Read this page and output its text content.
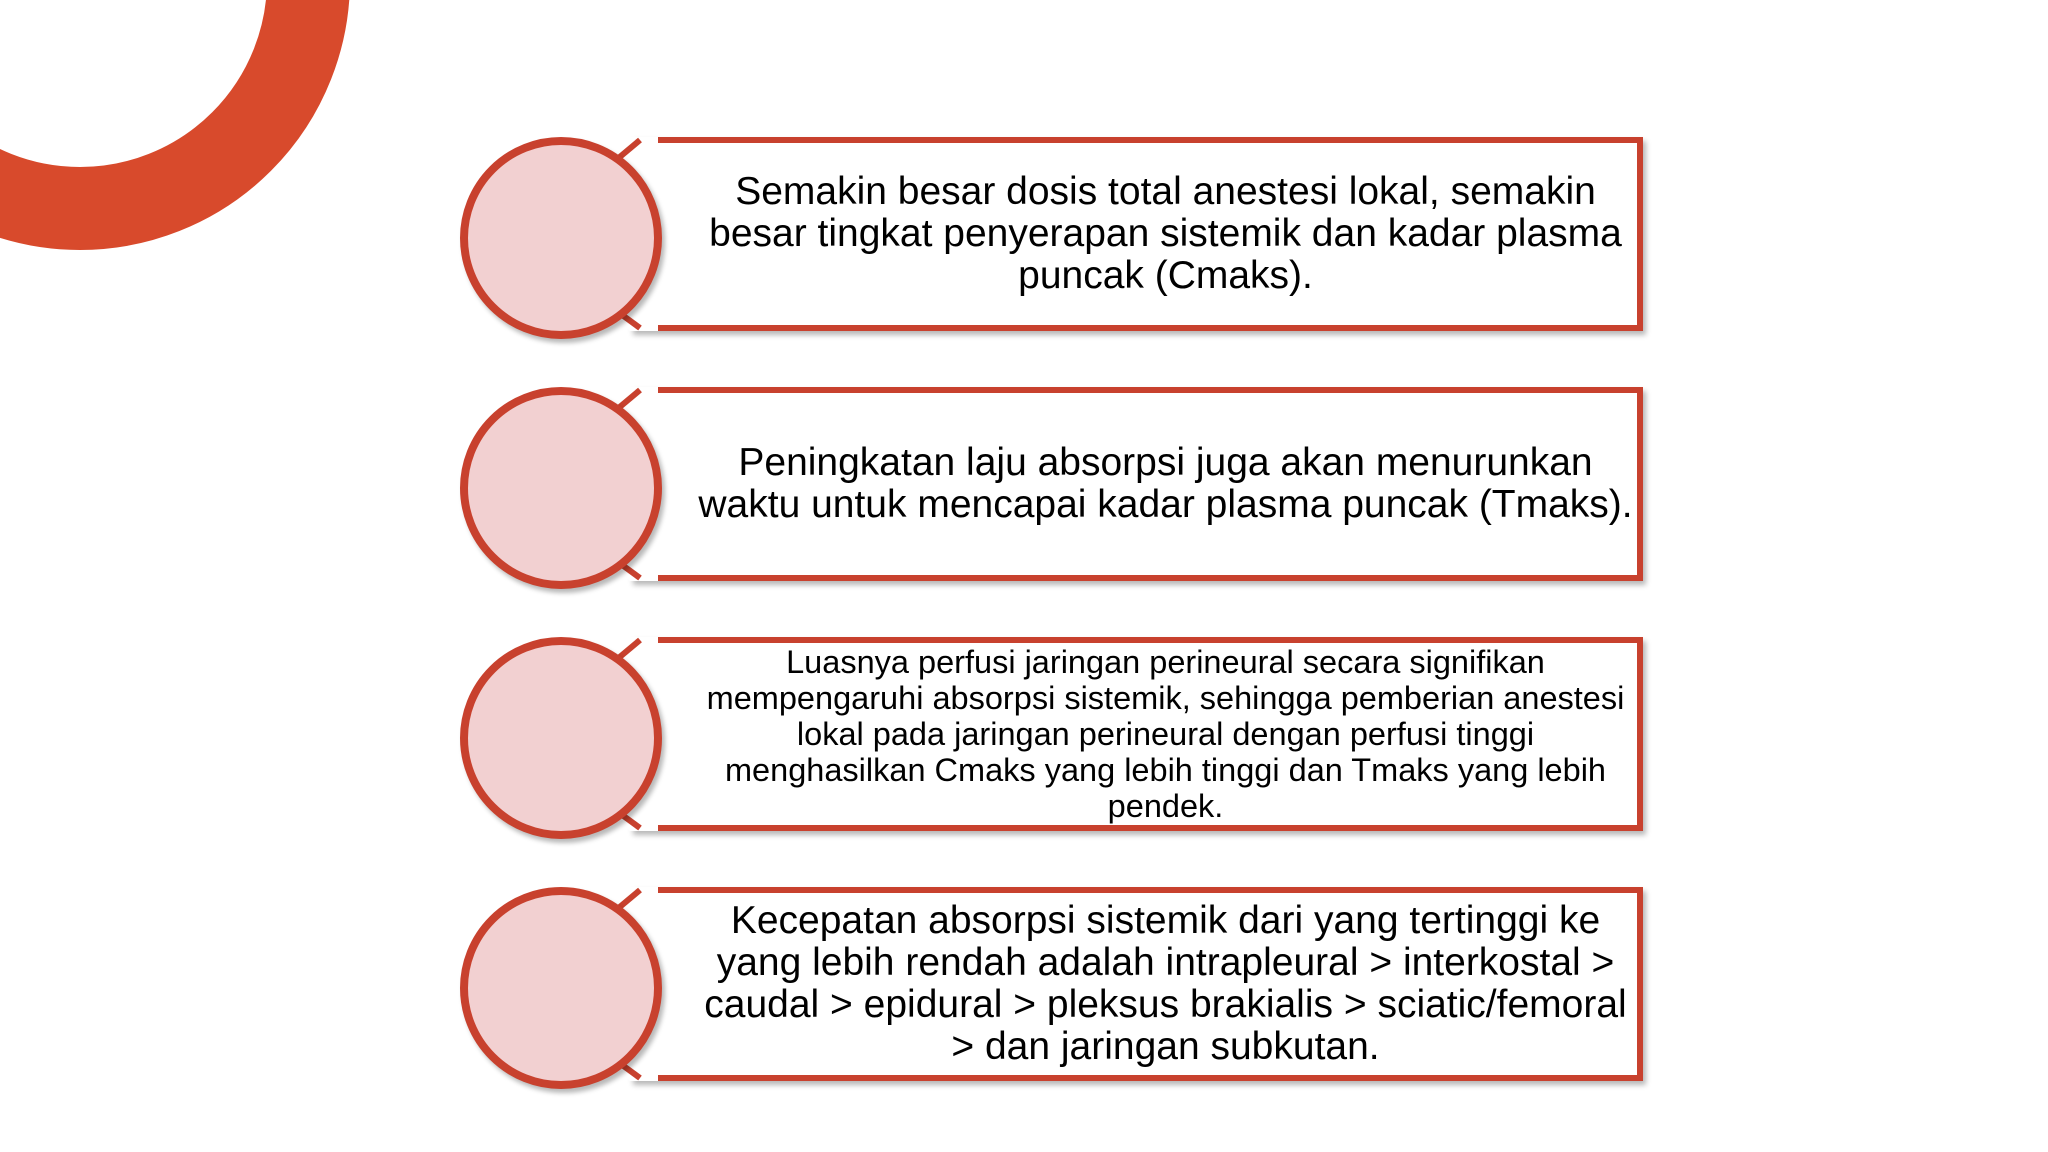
Semakin besar dosis total anestesi lokal, semakin besar tingkat penyerapan sistemik dan kadar plasma puncak (Cmaks).
Peningkatan laju absorpsi juga akan menurunkan waktu untuk mencapai kadar plasma puncak (Tmaks).
Luasnya perfusi jaringan perineural secara signifikan mempengaruhi absorpsi sistemik, sehingga pemberian anestesi lokal pada jaringan perineural dengan perfusi tinggi menghasilkan Cmaks yang lebih tinggi dan Tmaks yang lebih pendek.
Kecepatan absorpsi sistemik dari yang tertinggi ke yang lebih rendah adalah intrapleural > interkostal > caudal > epidural > pleksus brakialis > sciatic/femoral > dan jaringan subkutan.
